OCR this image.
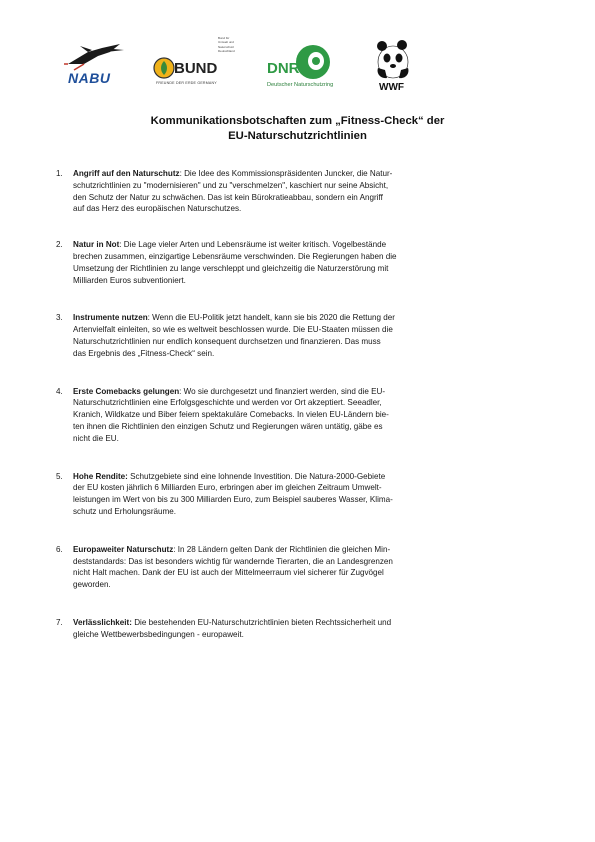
NABU
Bund für
Umwelt und
Naturschutz
Deutschland
BUND
FREUNDE DER ERDE GERMANY
DNR
Deutscher Naturschutzring	WWF
Kommunikationsbotschaften zum „Fitness-Check“ der
EU-Naturschutzrichtlinien
1. Angriff auf den Naturschutz: Die Idee des Kommissionspräsidenten Juncker, die Natur-
schutzrichtlinien zu "modernisieren" und zu "verschmelzen", kaschiert nur seine Absicht,
den Schutz der Natur zu schwächen. Das ist kein Bürokratieabbau, sondern ein Angriff
auf das Herz des europäischen Naturschutzes.
2. Natur in Not: Die Lage vieler Arten und Lebensräume ist weiter kritisch. Vogelbestände
brechen zusammen, einzigartige Lebensräume verschwinden. Die Regierungen haben die
Umsetzung der Richtlinien zu lange verschleppt und gleichzeitig die Naturzerstörung mit
Milliarden Euros subventioniert.
3. Instrumente nutzen: Wenn die EU-Politik jetzt handelt, kann sie bis 2020 die Rettung der
Artenvielfalt einleiten, so wie es weltweit beschlossen wurde. Die EU-Staaten müssen die
Naturschutzrichtlinien nur endlich konsequent durchsetzen und finanzieren. Das muss
das Ergebnis des „Fitness-Check“ sein.
4. Erste Comebacks gelungen: Wo sie durchgesetzt und finanziert werden, sind die EU-
Naturschutzrichtlinien eine Erfolgsgeschichte und werden vor Ort akzeptiert. Seeadler,
Kranich, Wildkatze und Biber feiern spektakuläre Comebacks. In vielen EU-Ländern bie-
ten ihnen die Richtlinien den einzigen Schutz und Regierungen wären untätig, gäbe es
nicht die EU.
5. Hohe Rendite: Schutzgebiete sind eine lohnende Investition. Die Natura-2000-Gebiete
der EU kosten jährlich 6 Milliarden Euro, erbringen aber im gleichen Zeitraum Umwelt-
leistungen im Wert von bis zu 300 Milliarden Euro, zum Beispiel sauberes Wasser, Klima-
schutz und Erholungsräume.
6. Europaweiter Naturschutz: In 28 Ländern gelten Dank der Richtlinien die gleichen Min-
deststandards: Das ist besonders wichtig für wandernde Tierarten, die an Landesgrenzen
nicht Halt machen. Dank der EU ist auch der Mittelmeerraum viel sicherer für Zugvögel
geworden.
7. Verlässlichkeit: Die bestehenden EU-Naturschutzrichtlinien bieten Rechtssicherheit und
gleiche Wettbewerbsbedingungen - europaweit.
